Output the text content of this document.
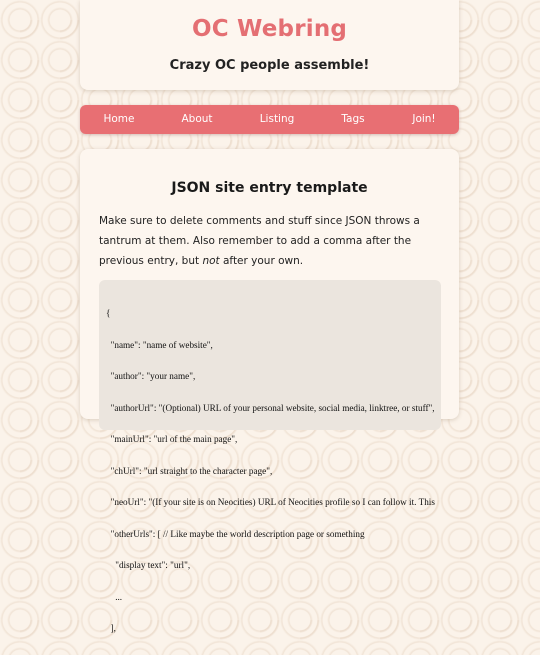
OC Webring

Crazy OC people assemble!

Home	About	Listing	Tags	Join!
JSON site entry template

Make sure to delete comments and stuff since JSON throws a tantrum at them. Also remember to add a comma after the previous entry, but not after your own.

{

"name": "name of website",

"author": "your name",

"authorUrl": "(Optional) URL of your personal website, social media, linktree, or stuff",

"mainUrl": "url of the main page",

"chUrl": "url straight to the character page",

"neoUrl": "(If your site is on Neocities) URL of Neocities profile so I can follow it. This

"otherUrls": [ // Like maybe the world description page or something

"display text": "url",

...

],
